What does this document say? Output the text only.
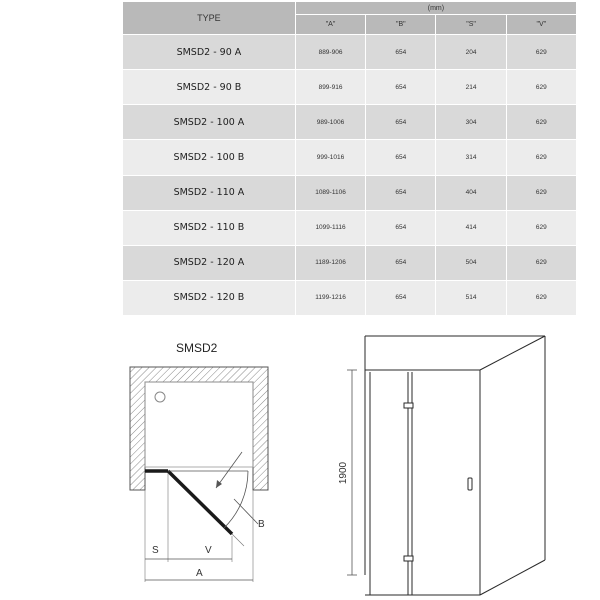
TYPE	(mm)			
	"A"	"B"	"S"	"V"
SMSD2 - 90 A	889-906	654	204	629
SMSD2 - 90 B	899-916	654	214	629
SMSD2 - 100 A	989-1006	654	304	629
SMSD2 - 100 B	999-1016	654	314	629
SMSD2 - 110 A	1089-1106	654	404	629
SMSD2 - 110 B	1099-1116	654	414	629
SMSD2 - 120 A	1189-1206	654	504	629
SMSD2 - 120 B	1199-1216	654	514	629
SMSD2
B
S	V
A
1900
